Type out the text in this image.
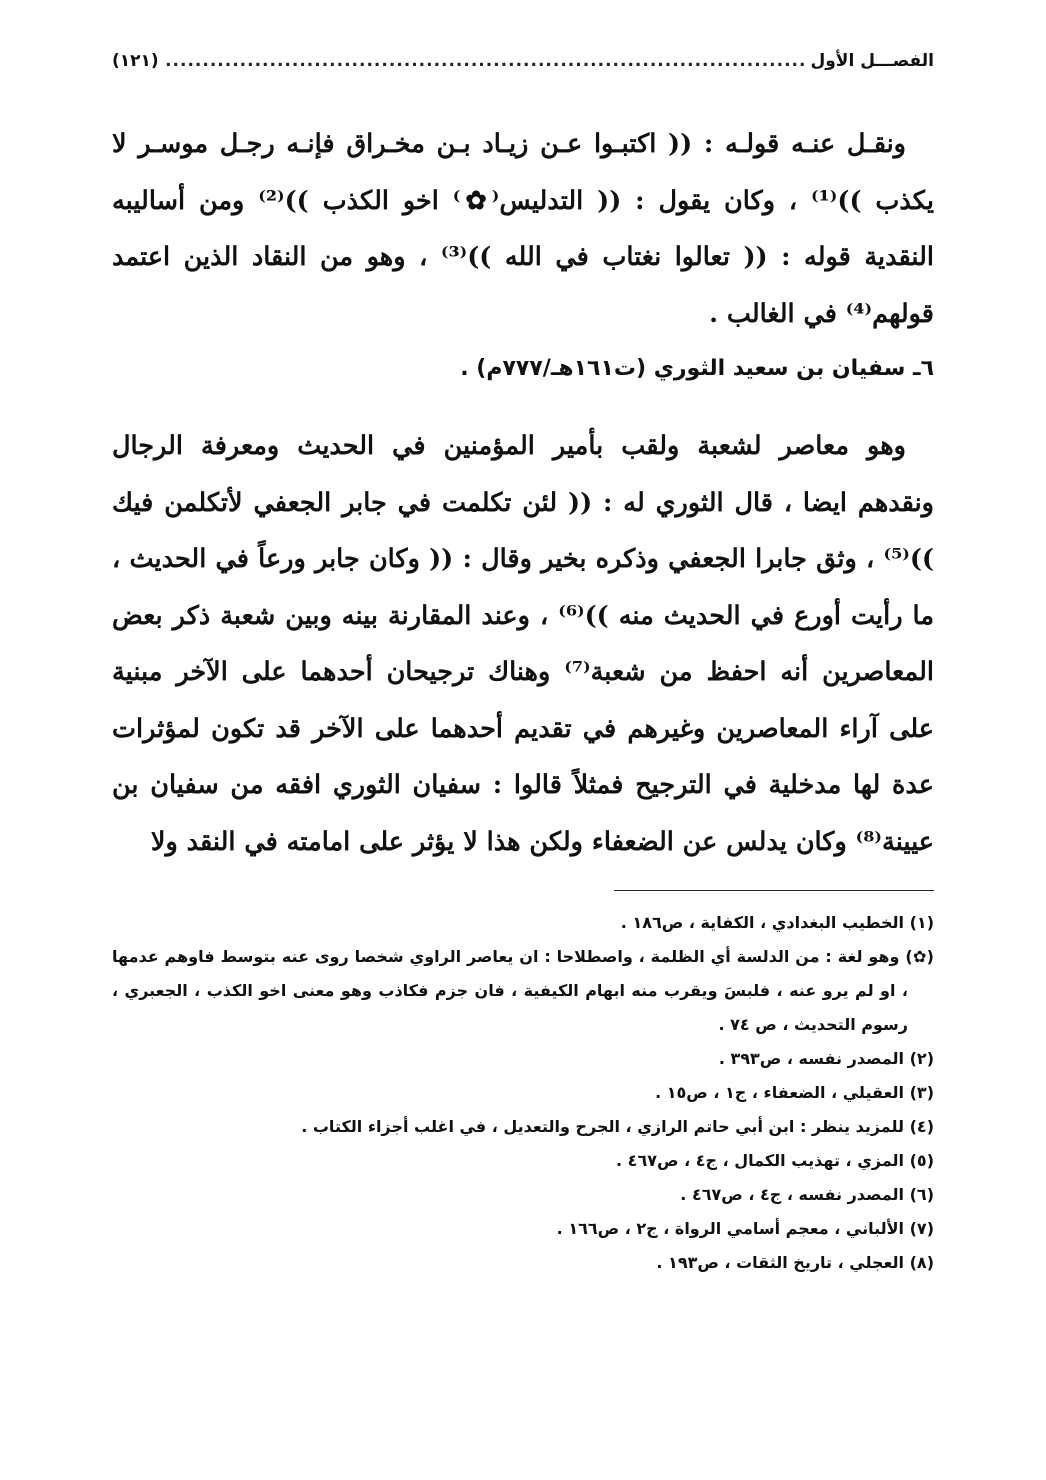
الفصـــل الأول
.....
(١٢١)

ونقـل عنـه قولـه : (( اكتبـوا عـن زيـاد بـن مخـراق فإنـه رجـل موسـر لا يكذب ))⁽¹⁾ ، وكان يقول : (( التدليس⁽✿⁾ اخو الكذب ))⁽²⁾ ومن أساليبه النقدية قوله : (( تعالوا نغتاب في الله ))⁽³⁾ ، وهو من النقاد الذين اعتمد قولهم⁽⁴⁾ في الغالب .

٦ـ سفيان بن سعيد الثوري (ت١٦١هـ/٧٧٧م) .

وهو معاصر لشعبة ولقب بأمير المؤمنين في الحديث ومعرفة الرجال ونقدهم ايضا ، قال الثوري له : (( لئن تكلمت في جابر الجعفي لأتكلمن فيك ))⁽⁵⁾ ، وثق جابرا الجعفي وذكره بخير وقال : (( وكان جابر ورعاً في الحديث ، ما رأيت أورع في الحديث منه ))⁽⁶⁾ ، وعند المقارنة بينه وبين شعبة ذكر بعض المعاصرين أنه احفظ من شعبة⁽⁷⁾ وهناك ترجيحان أحدهما على الآخر مبنية على آراء المعاصرين وغيرهم في تقديم أحدهما على الآخر قد تكون لمؤثرات عدة لها مدخلية في الترجيح فمثلاً قالوا : سفيان الثوري افقه من سفيان بن عيينة⁽⁸⁾ وكان يدلس عن الضعفاء ولكن هذا لا يؤثر على امامته في النقد ولا

(١) الخطيب البغدادي ، الكفاية ، ص١٨٦ .

(✿) وهو لغة : من الدلسة أي الظلمة ، واصطلاحا : ان يعاصر الراوي شخصا روى عنه بتوسط فاوهم عدمها ، او لم يرو عنه ، فلبسَ ويقرب منه ابهام الكيفية ، فان جزم فكاذب وهو معنى اخو الكذب ، الجعبري ، رسوم التحديث ، ص ٧٤ .

(٢) المصدر نفسه ، ص٣٩٣ .

(٣) العقيلي ، الضعفاء ، ج١ ، ص١٥ .

(٤) للمزيد ينظر : ابن أبي حاتم الرازي ، الجرح والتعديل ، في اغلب أجزاء الكتاب .

(٥) المزي ، تهذيب الكمال ، ج٤ ، ص٤٦٧ .

(٦) المصدر نفسه ، ج٤ ، ص٤٦٧ .

(٧) الألباني ، معجم أسامي الرواة ، ج٢ ، ص١٦٦ .

(٨) العجلي ، تاريخ الثقات ، ص١٩٣ .
